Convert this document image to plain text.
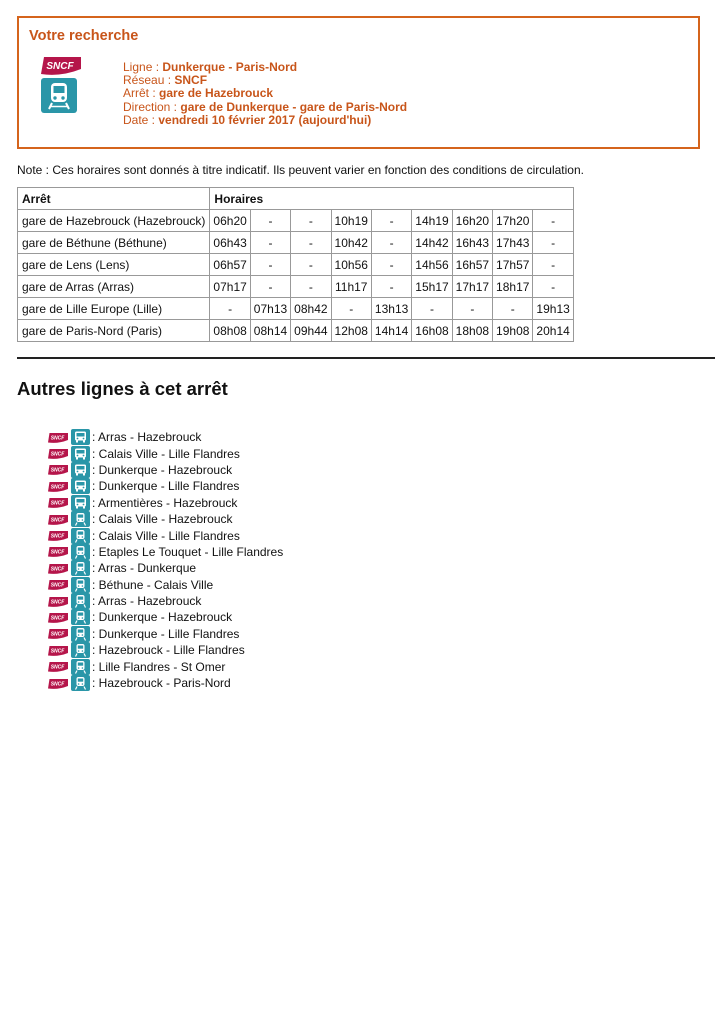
Votre recherche
SNCF	Ligne : Dunkerque - Paris-Nord
Réseau : SNCF
Arrêt : gare de Hazebrouck
Direction : gare de Dunkerque - gare de Paris-Nord
Date : vendredi 10 février 2017 (aujourd'hui)
Note : Ces horaires sont donnés à titre indicatif. Ils peuvent varier en fonction des conditions de circulation.
Arrêt	Horaires								
gare de Hazebrouck (Hazebrouck)	06h20	-	-	10h19	-	14h19	16h20	17h20	-
gare de Béthune (Béthune)	06h43	-	-	10h42	-	14h42	16h43	17h43	-
gare de Lens (Lens)	06h57	-	-	10h56	-	14h56	16h57	17h57	-
gare de Arras (Arras)	07h17	-	-	11h17	-	15h17	17h17	18h17	-
gare de Lille Europe (Lille)	-	07h13	08h42	-	13h13	-	-	-	19h13
gare de Paris-Nord (Paris)	08h08	08h14	09h44	12h08	14h14	16h08	18h08	19h08	20h14
Autres lignes à cet arrêt
SNCF : Arras - Hazebrouck
SNCF : Calais Ville - Lille Flandres
SNCF : Dunkerque - Hazebrouck
SNCF : Dunkerque - Lille Flandres
SNCF : Armentières - Hazebrouck
SNCF : Calais Ville - Hazebrouck
SNCF : Calais Ville - Lille Flandres
SNCF : Etaples Le Touquet - Lille Flandres
SNCF : Arras - Dunkerque
SNCF : Béthune - Calais Ville
SNCF : Arras - Hazebrouck
SNCF : Dunkerque - Hazebrouck
SNCF : Dunkerque - Lille Flandres
SNCF : Hazebrouck - Lille Flandres
SNCF : Lille Flandres - St Omer
SNCF : Hazebrouck - Paris-Nord
